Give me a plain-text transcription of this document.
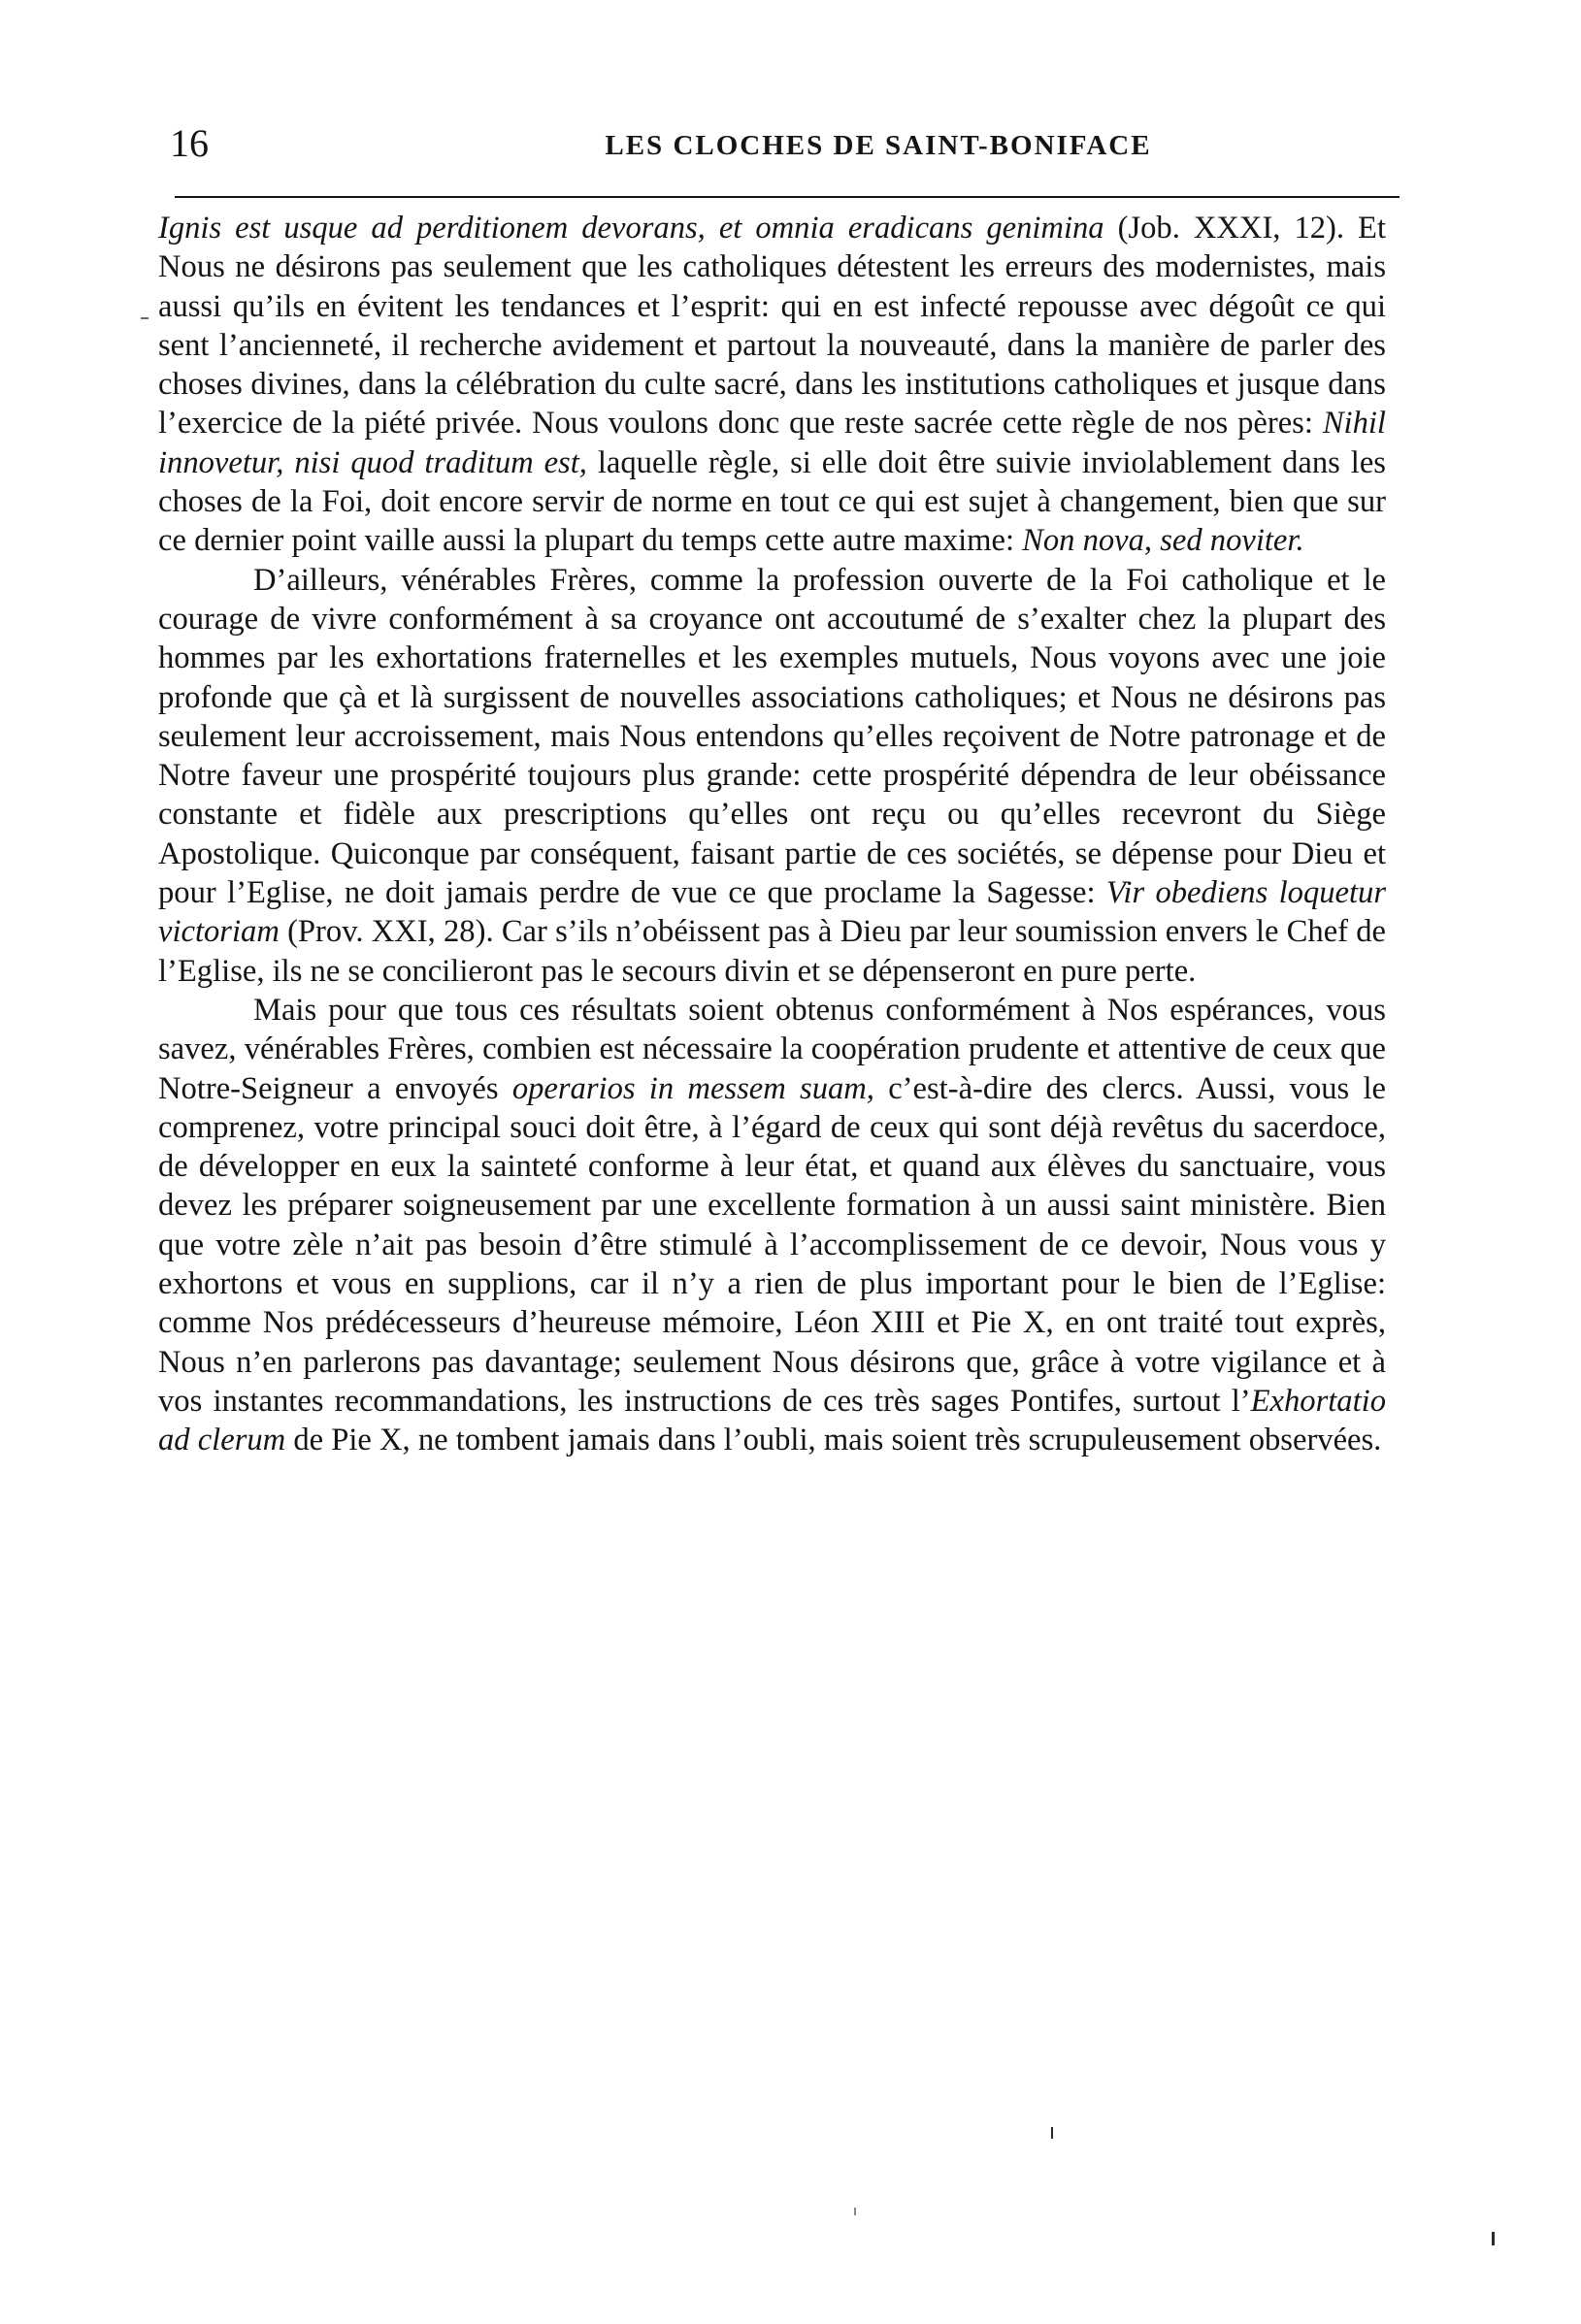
16	LES CLOCHES DE SAINT-BONIFACE

Ignis est usque ad perditionem devorans, et omnia eradicans genimina (Job. XXXI, 12). Et Nous ne désirons pas seulement que les catholiques détestent les erreurs des modernistes, mais aussi qu’ils en évitent les tendances et l’esprit: qui en est infecté repousse avec dégoût ce qui sent l’ancienneté, il recherche avidement et partout la nouveauté, dans la manière de parler des choses divines, dans la célébration du culte sacré, dans les institutions catholiques et jusque dans l’exercice de la piété privée. Nous voulons donc que reste sacrée cette règle de nos pères: Nihil innovetur, nisi quod traditum est, laquelle règle, si elle doit être suivie inviolablement dans les choses de la Foi, doit encore servir de norme en tout ce qui est sujet à changement, bien que sur ce dernier point vaille aussi la plupart du temps cette autre maxime: Non nova, sed noviter.

D’ailleurs, vénérables Frères, comme la profession ouverte de la Foi catholique et le courage de vivre conformément à sa croyance ont accoutumé de s’exalter chez la plupart des hommes par les exhortations fraternelles et les exemples mutuels, Nous voyons avec une joie profonde que çà et là surgissent de nouvelles associations catholiques; et Nous ne désirons pas seulement leur accroissement, mais Nous entendons qu’elles reçoivent de Notre patronage et de Notre faveur une prospérité toujours plus grande: cette prospérité dépendra de leur obéissance constante et fidèle aux prescriptions qu’elles ont reçu ou qu’elles recevront du Siège Apostolique. Quiconque par conséquent, faisant partie de ces sociétés, se dépense pour Dieu et pour l’Eglise, ne doit jamais perdre de vue ce que proclame la Sagesse: Vir obediens loquetur victoriam (Prov. XXI, 28). Car s’ils n’obéissent pas à Dieu par leur soumission envers le Chef de l’Eglise, ils ne se concilieront pas le secours divin et se dépenseront en pure perte.

Mais pour que tous ces résultats soient obtenus conformément à Nos espérances, vous savez, vénérables Frères, combien est nécessaire la coopération prudente et attentive de ceux que Notre-Seigneur a envoyés operarios in messem suam, c’est-à-dire des clercs. Aussi, vous le comprenez, votre principal souci doit être, à l’égard de ceux qui sont déjà revêtus du sacerdoce, de développer en eux la sainteté conforme à leur état, et quand aux élèves du sanctuaire, vous devez les préparer soigneusement par une excellente formation à un aussi saint ministère. Bien que votre zèle n’ait pas besoin d’être stimulé à l’accomplissement de ce devoir, Nous vous y exhortons et vous en supplions, car il n’y a rien de plus important pour le bien de l’Eglise: comme Nos prédécesseurs d’heureuse mémoire, Léon XIII et Pie X, en ont traité tout exprès, Nous n’en parlerons pas davantage; seulement Nous désirons que, grâce à votre vigilance et à vos instantes recommandations, les instructions de ces très sages Pontifes, surtout l’Exhortatio ad clerum de Pie X, ne tombent jamais dans l’oubli, mais soient très scrupuleusement observées.
